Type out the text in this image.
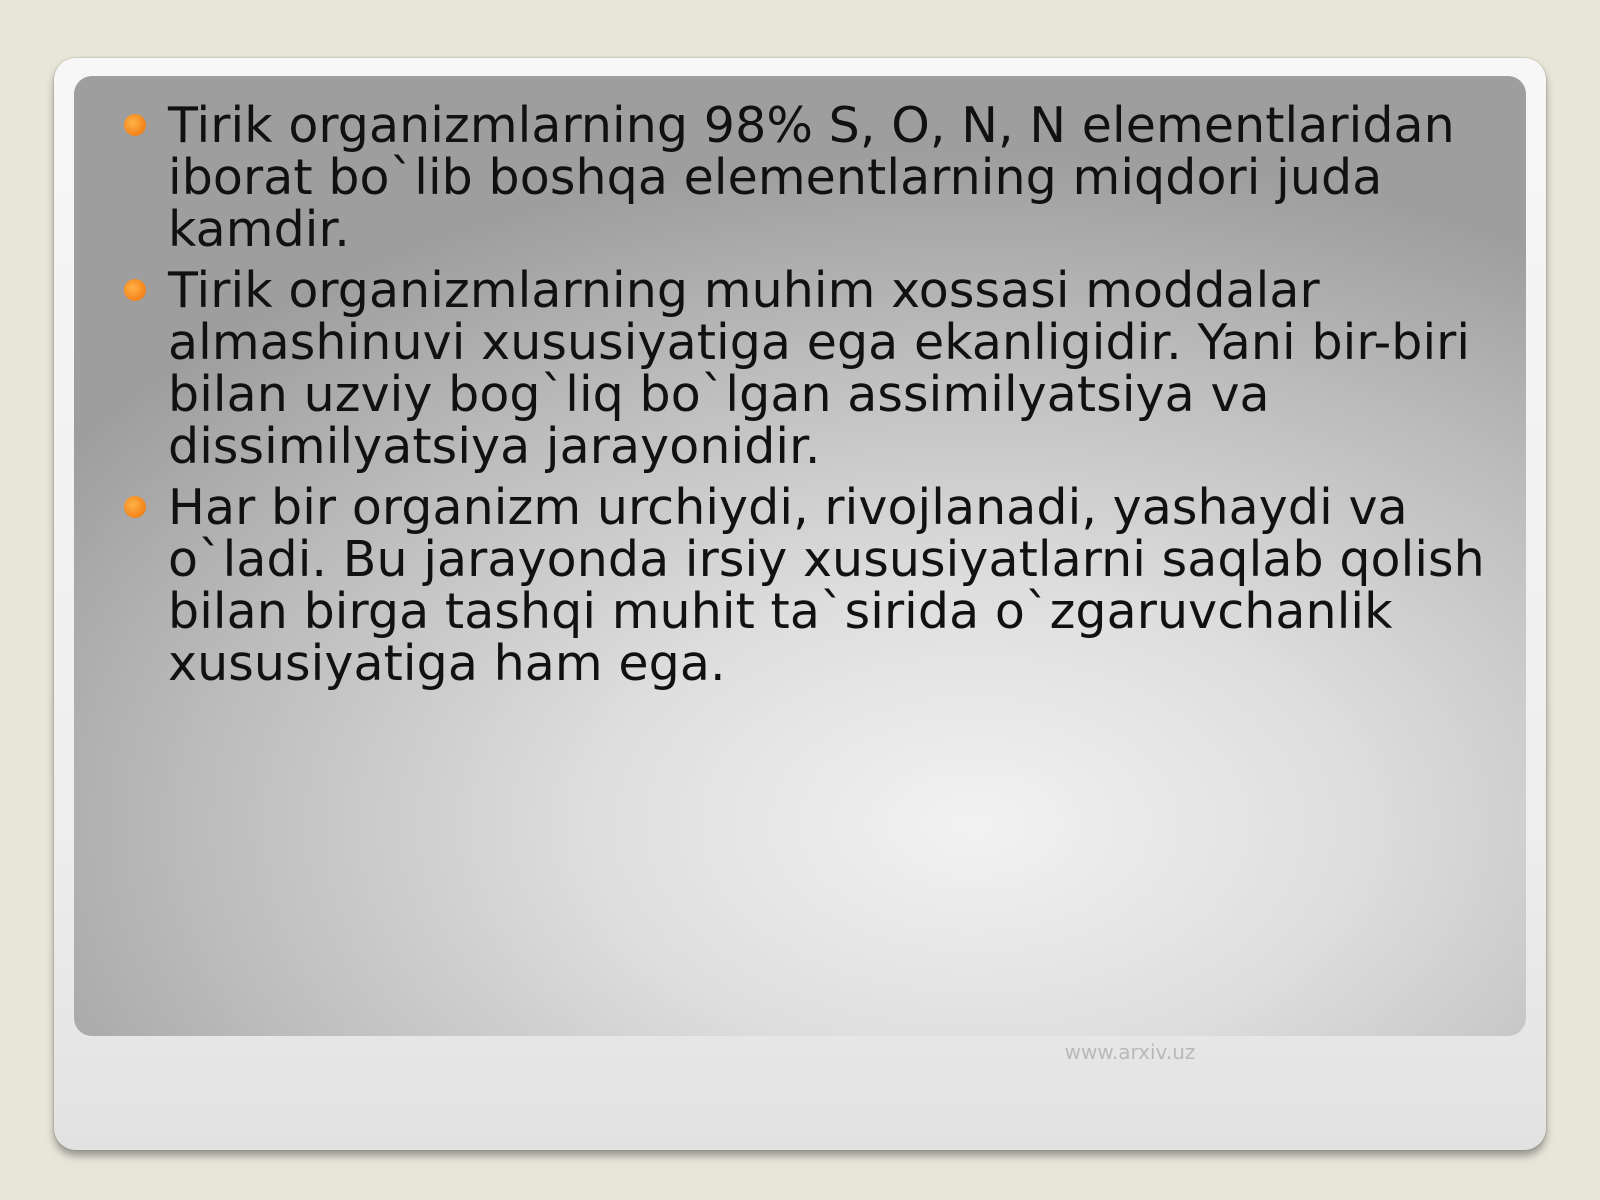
Tirik organizmlarning 98% S, O, N, N elementlaridan iborat bo`lib boshqa elementlarning miqdori juda kamdir.
Tirik organizmlarning muhim xossasi moddalar almashinuvi xususiyatiga ega ekanligidir. Yani bir-biri bilan uzviy bog`liq bo`lgan assimilyatsiya va dissimilyatsiya jarayonidir.
Har bir organizm urchiydi, rivojlanadi, yashaydi va o`ladi. Bu jarayonda irsiy xususiyatlarni saqlab qolish bilan birga tashqi muhit ta`sirida o`zgaruvchanlik xususiyatiga ham ega.
www.arxiv.uz
